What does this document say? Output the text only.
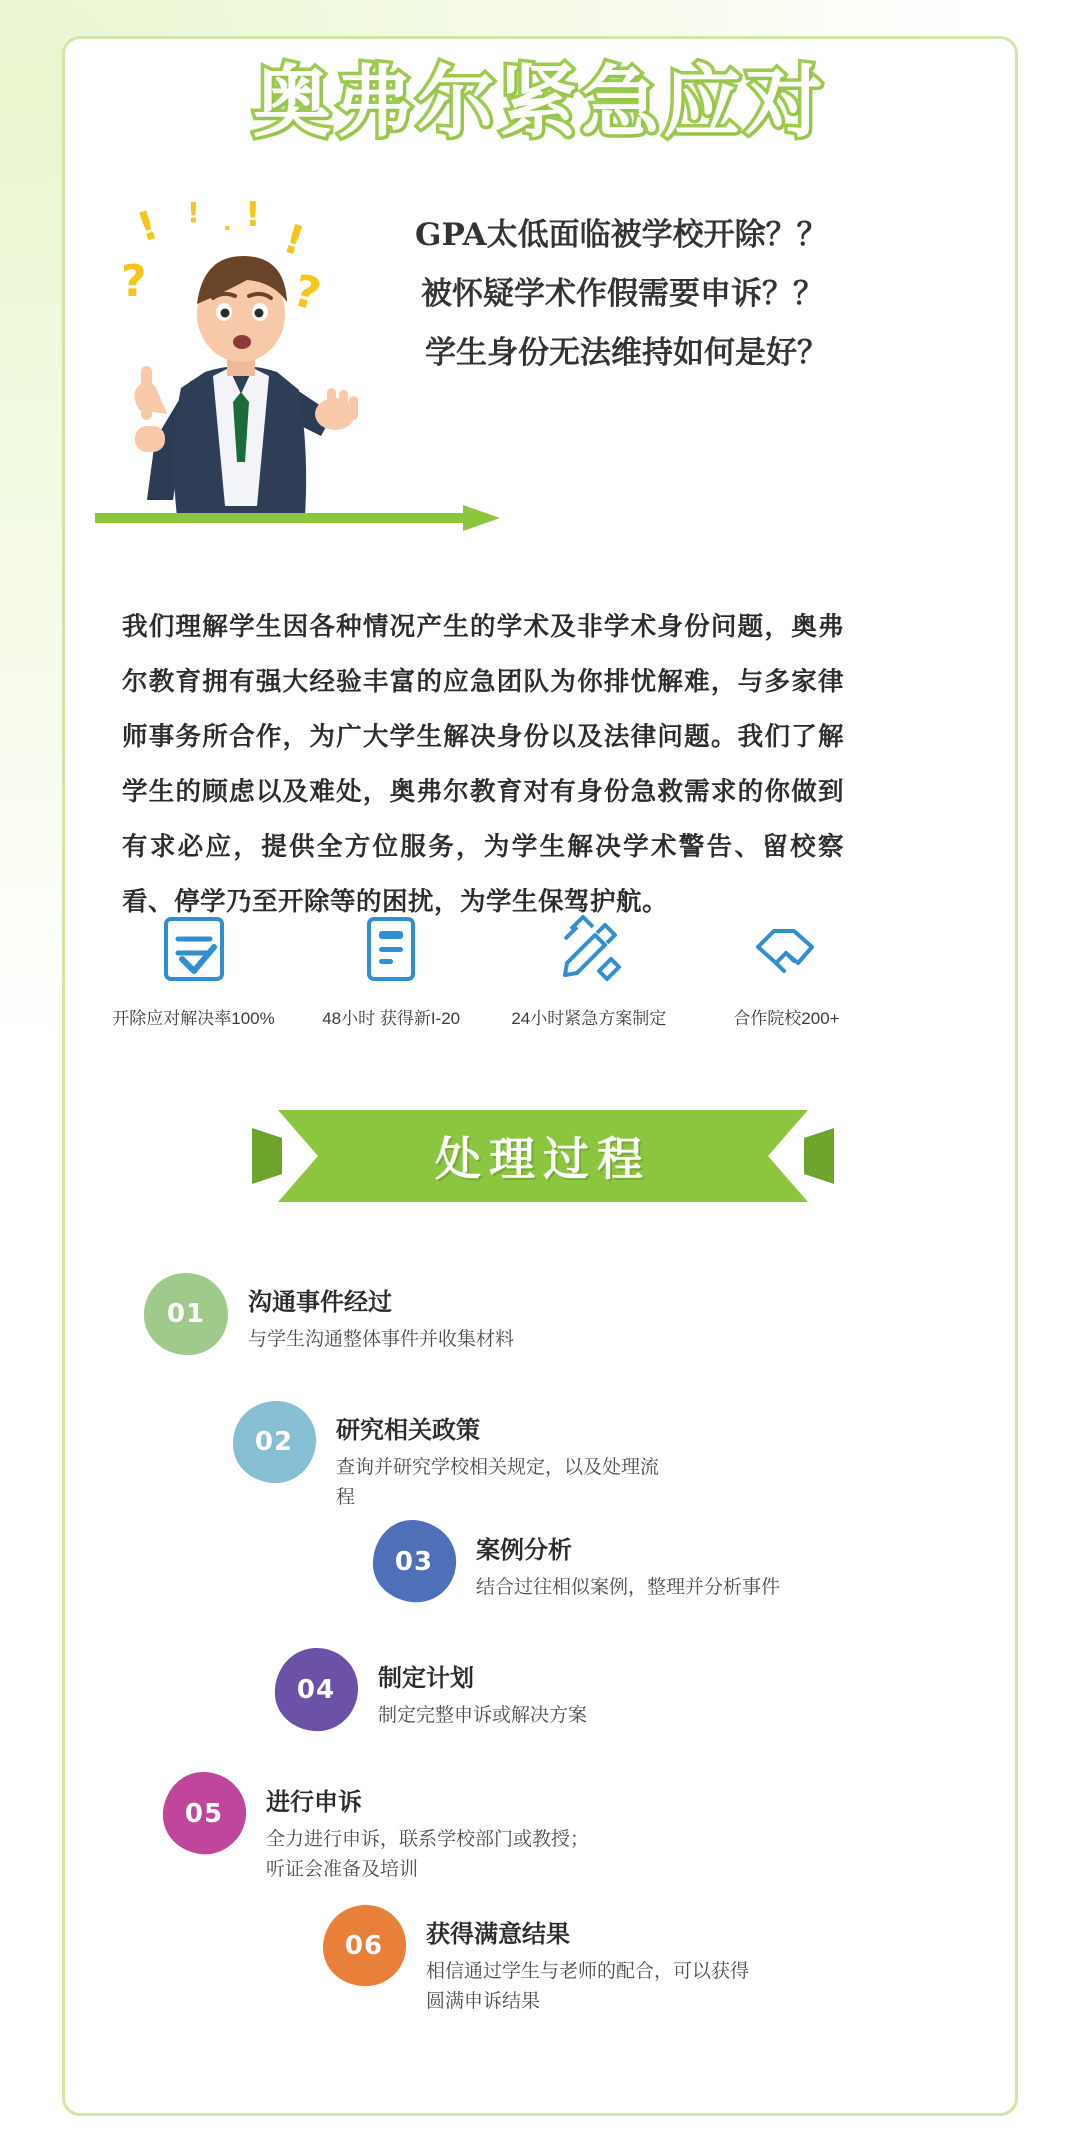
奥弗尔紧急应对
! ! . !
!
?	?
GPA太低面临被学校开除？？
被怀疑学术作假需要申诉？？
学生身份无法维持如何是好？
我们理解学生因各种情况产生的学术及非学术身份问题，奥弗尔教育拥有强大经验丰富的应急团队为你排忧解难，与多家律师事务所合作，为广大学生解决身份以及法律问题。我们了解学生的顾虑以及难处，奥弗尔教育对有身份急救需求的你做到有求必应，提供全方位服务，为学生解决学术警告、留校察看、停学乃至开除等的困扰，为学生保驾护航。
开除应对解决率100%	48小时 获得新I-20	24小时紧急方案制定	合作院校200+
处理过程
01 沟通事件经过
与学生沟通整体事件并收集材料
02 研究相关政策
查询并研究学校相关规定，以及处理流程
03 案例分析
结合过往相似案例，整理并分析事件
04 制定计划
制定完整申诉或解决方案
05 进行申诉
全力进行申诉，联系学校部门或教授；听证会准备及培训
06 获得满意结果
相信通过学生与老师的配合，可以获得圆满申诉结果
